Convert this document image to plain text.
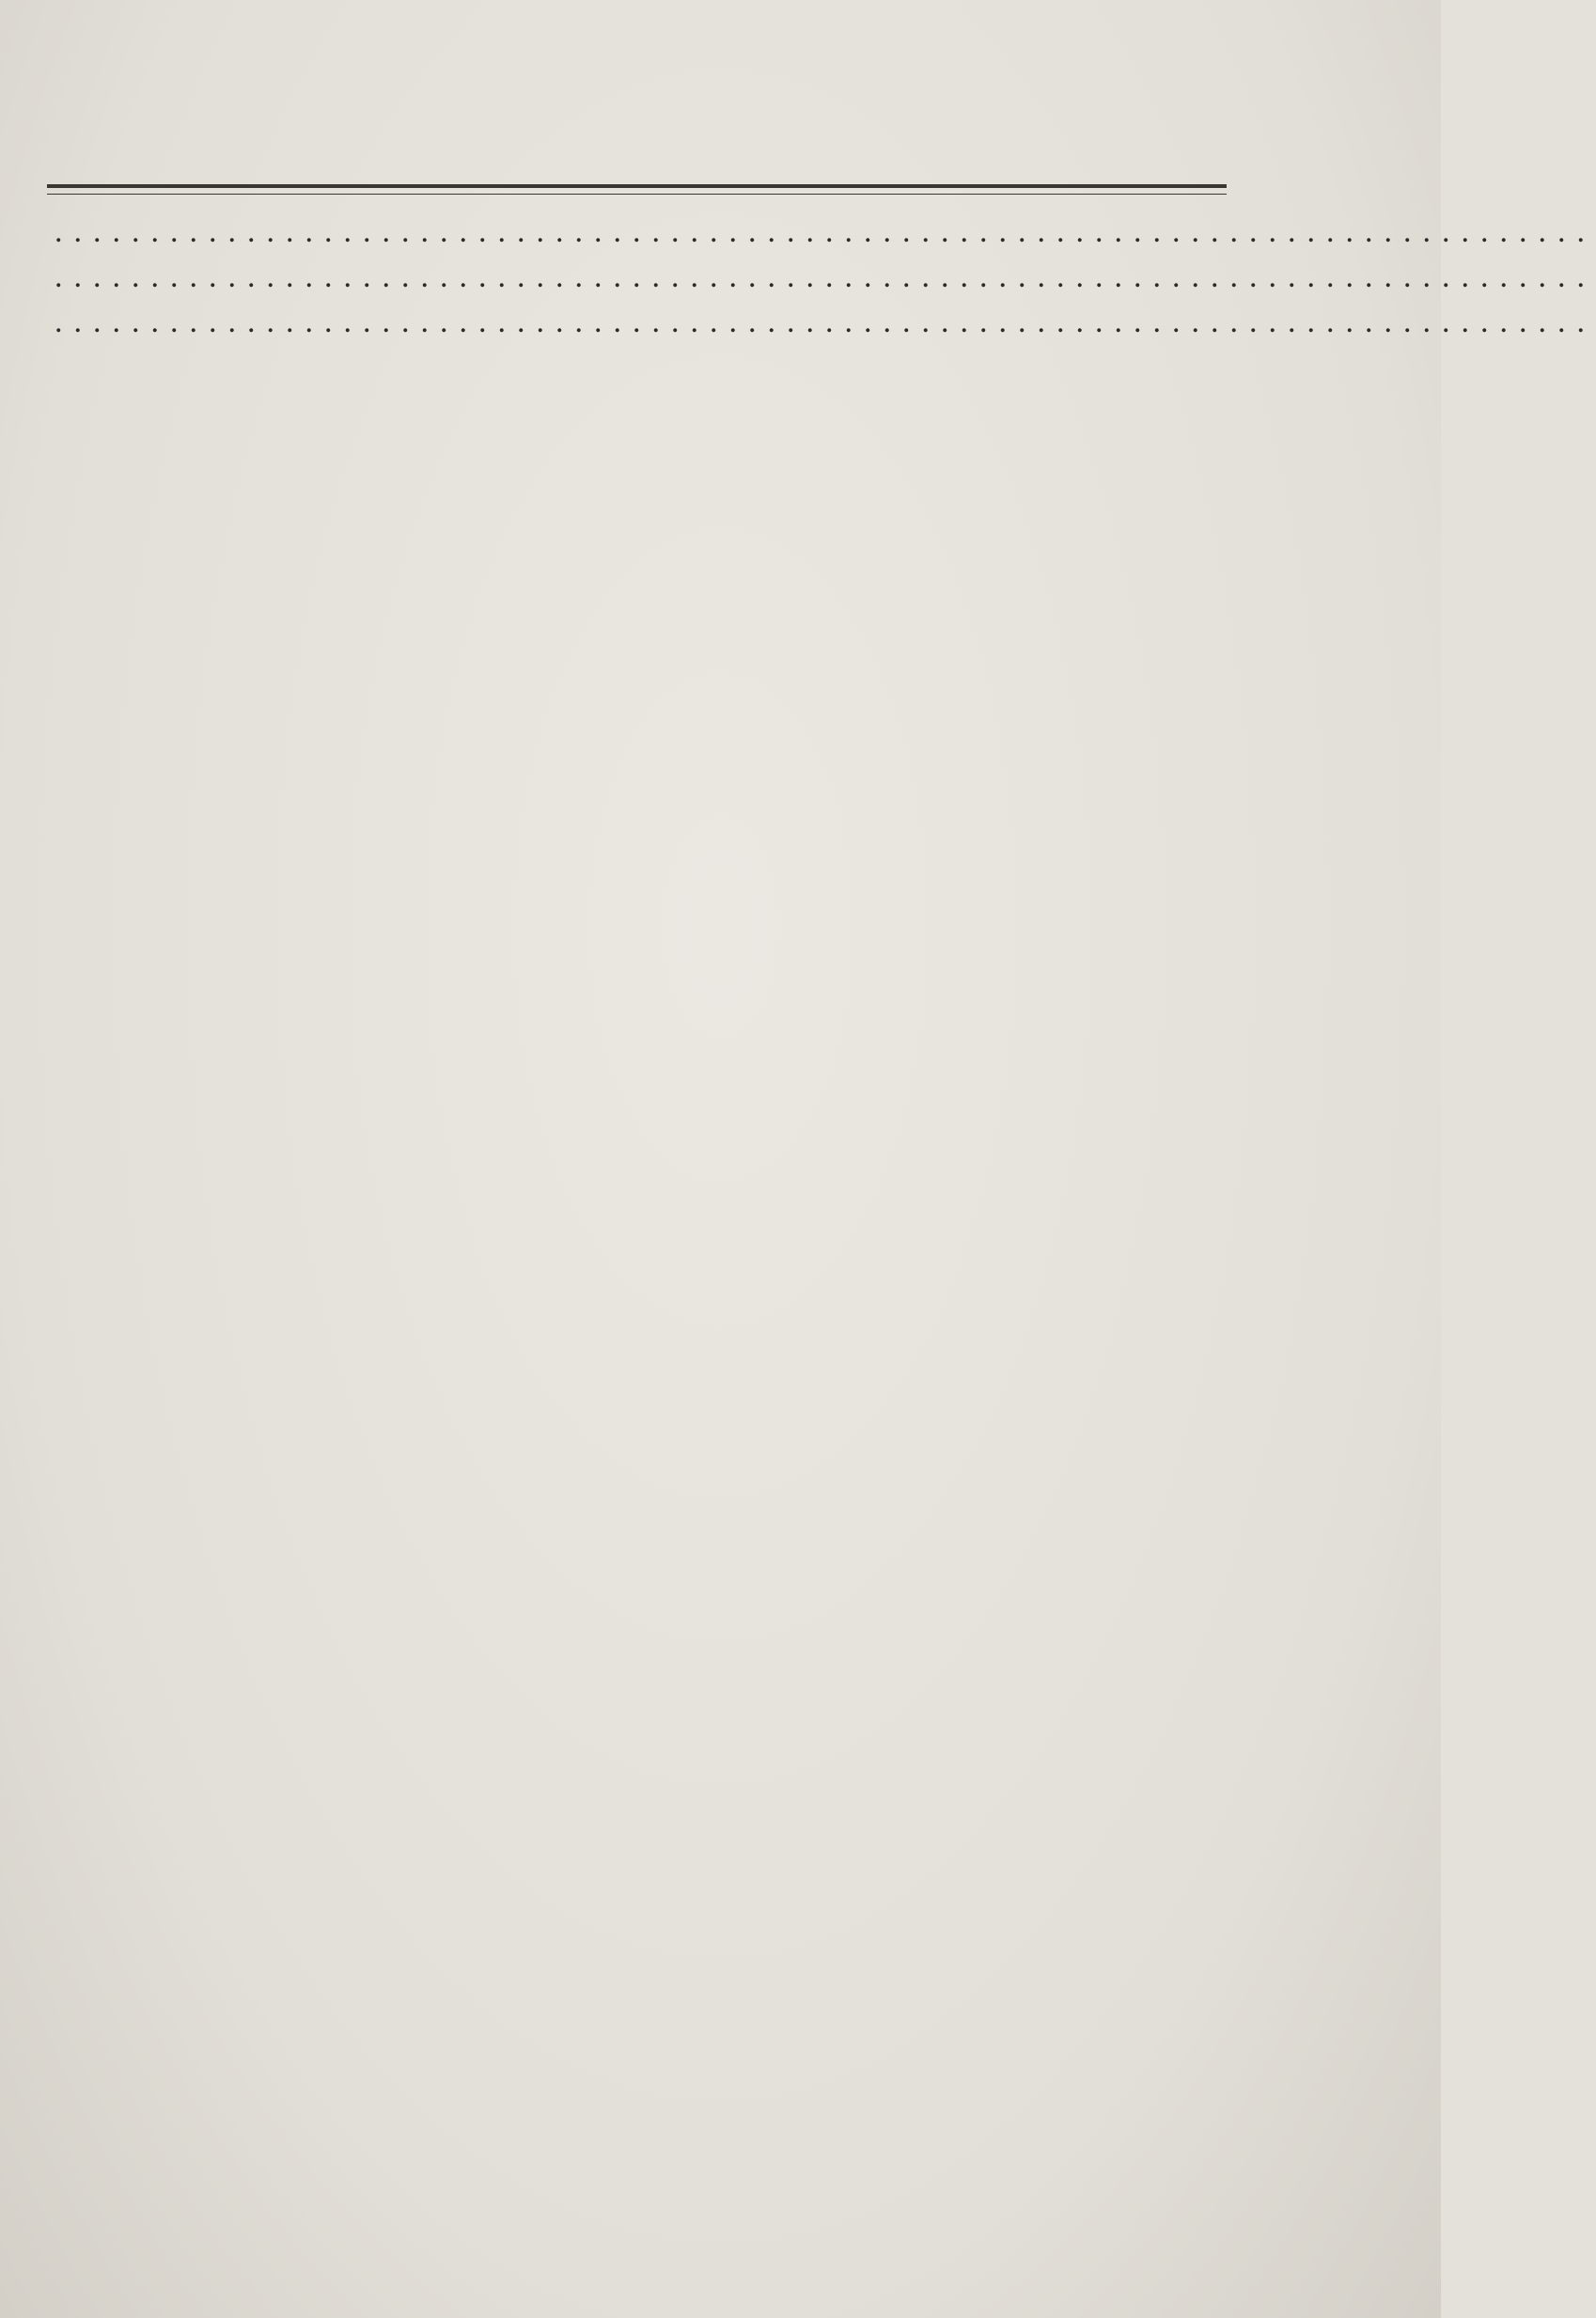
................................................................................
................................................................................
................................................................................
